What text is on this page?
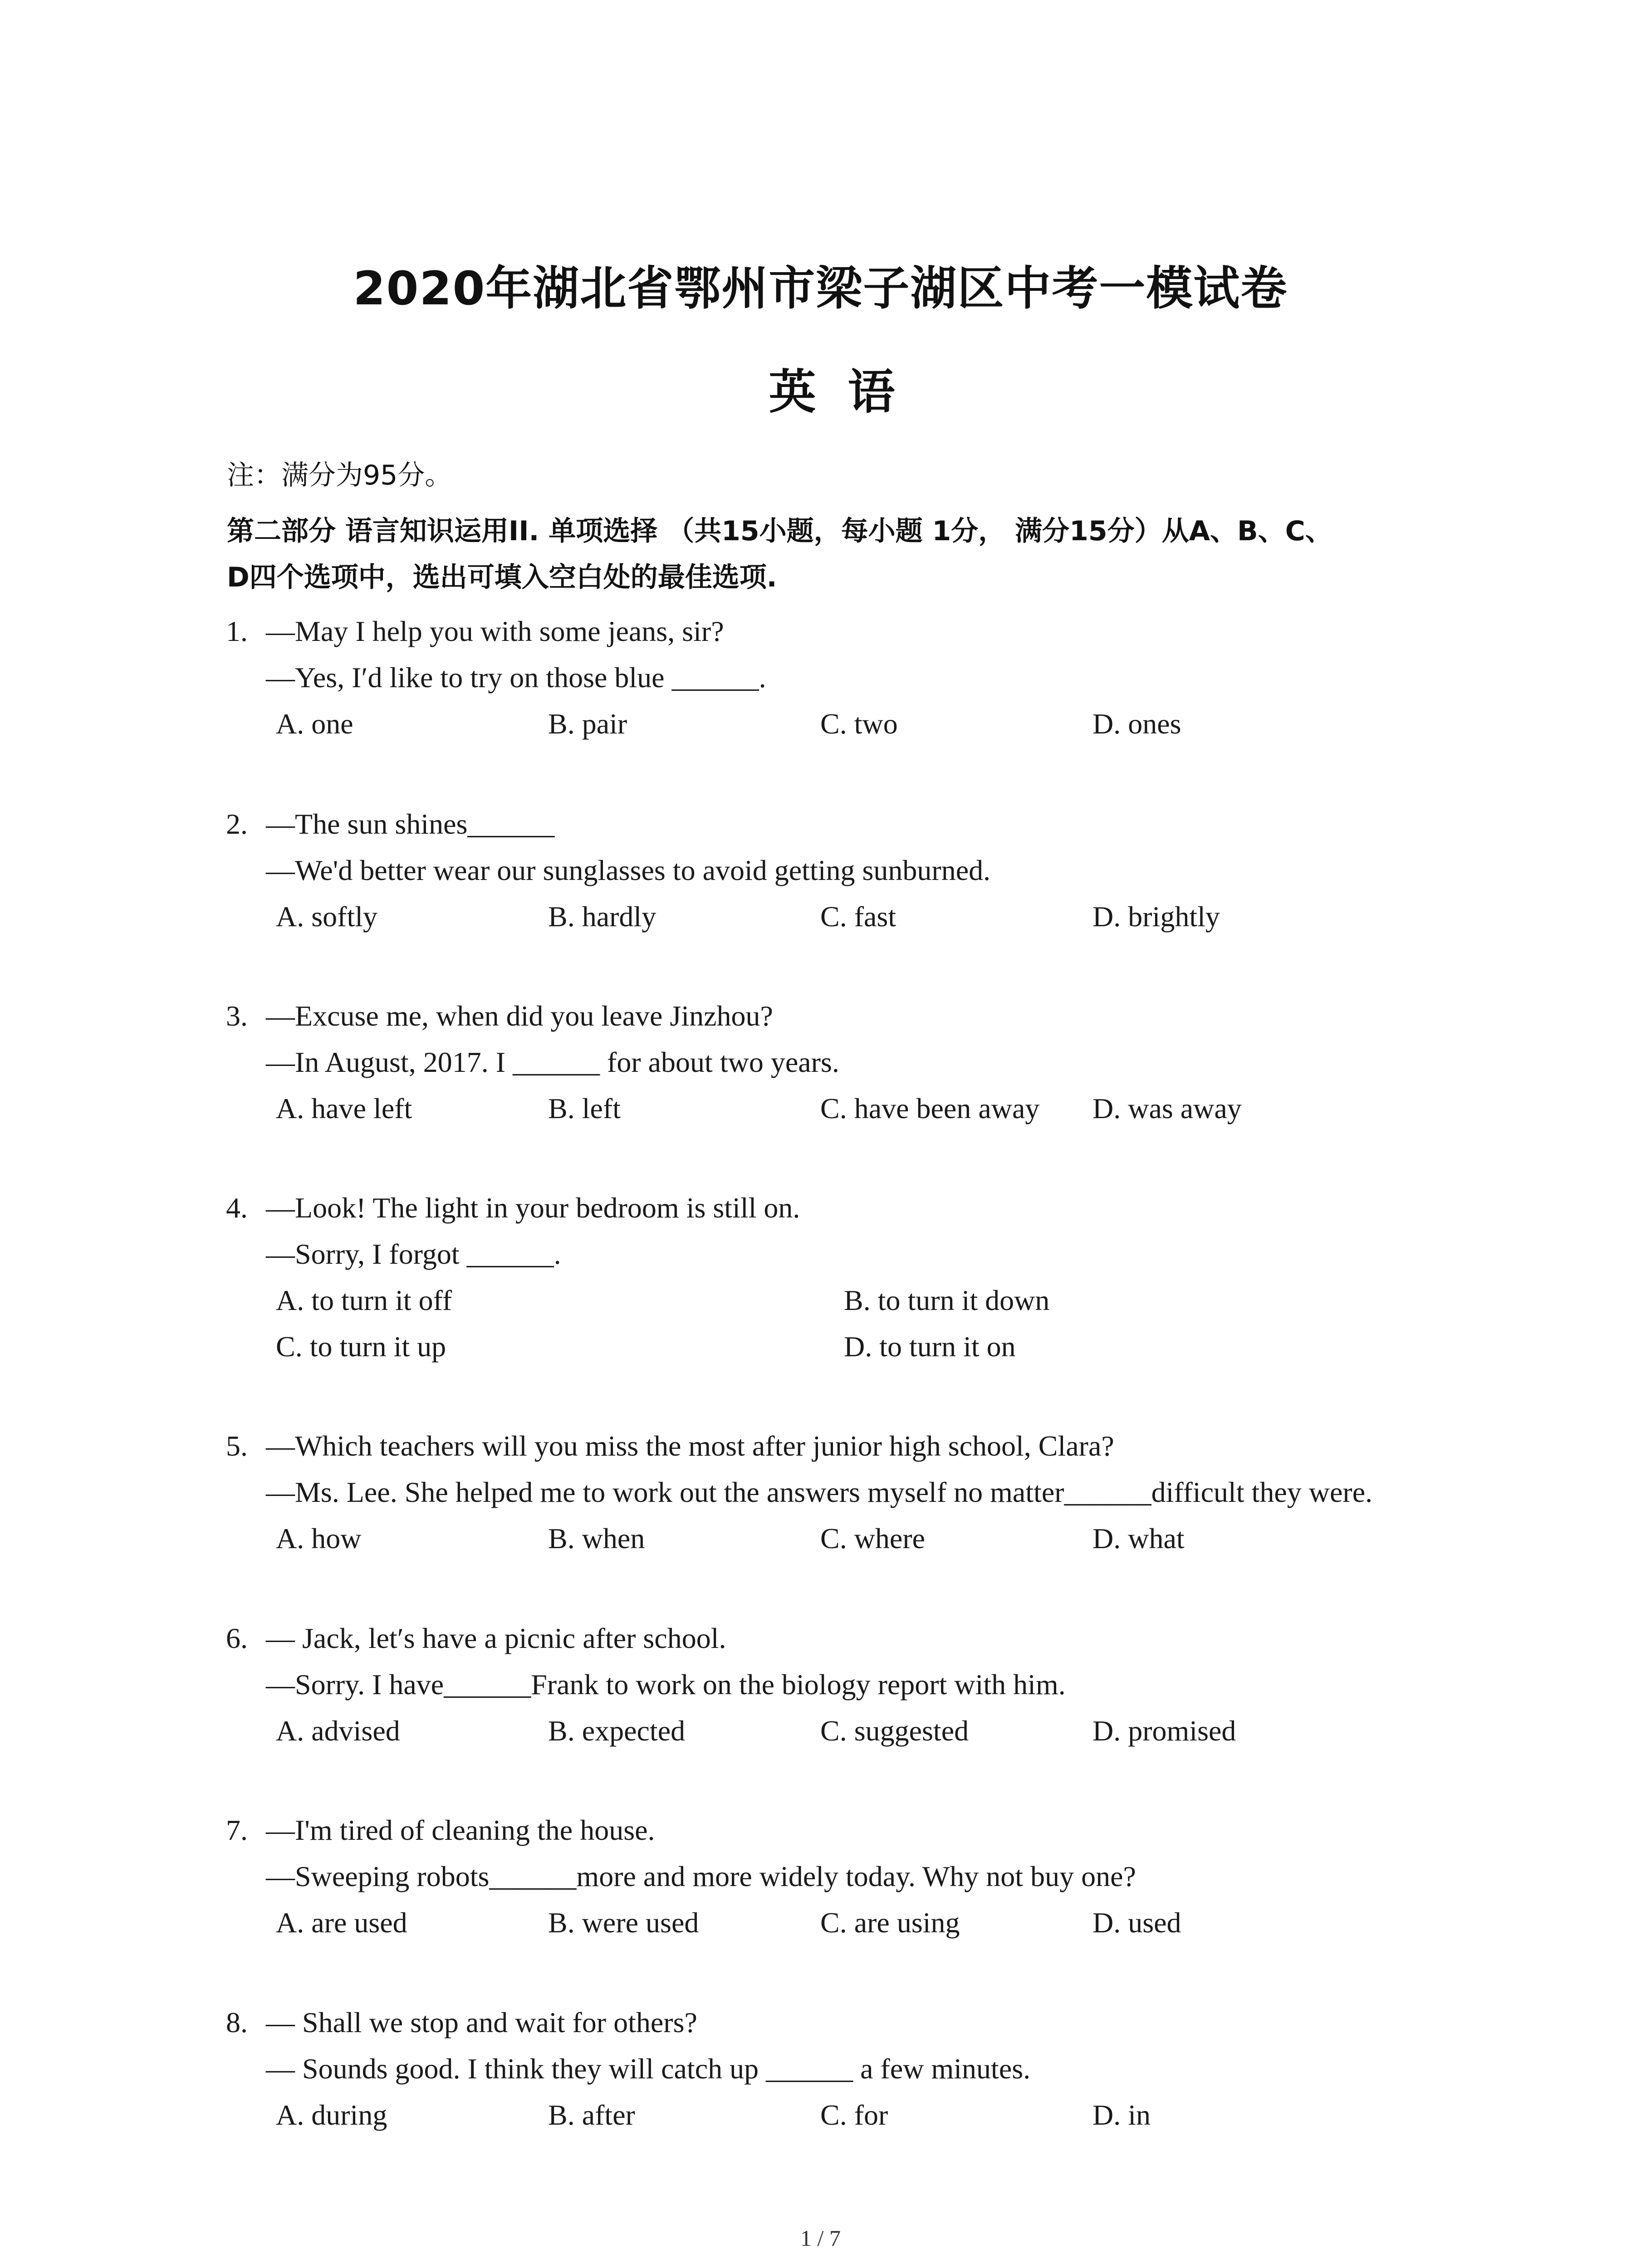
2020年湖北省鄂州市梁子湖区中考一模试卷
英语
注：满分为95分。
第二部分 语言知识运用II. 单项选择 （共15小题，每小题 1分， 满分15分）从A、B、C、
D四个选项中，选出可填入空白处的最佳选项.
1. —May I help you with some jeans, sir?
—Yes, I′d like to try on those blue ______.
A. one	B. pair	C. two	D. ones
2. —The sun shines______
—We'd better wear our sunglasses to avoid getting sunburned.
A. softly	B. hardly	C. fast	D. brightly
3. —Excuse me, when did you leave Jinzhou?
—In August, 2017. I ______ for about two years.
A. have left	B. left	C. have been away D. was away
4. —Look! The light in your bedroom is still on.
—Sorry, I forgot ______.
A. to turn it off	B. to turn it down
C. to turn it up	D. to turn it on
5. —Which teachers will you miss the most after junior high school, Clara?
—Ms. Lee. She helped me to work out the answers myself no matter______difficult they were.
A. how	B. when	C. where	D. what
6. — Jack, let′s have a picnic after school.
—Sorry. I have______Frank to work on the biology report with him.
A. advised	B. expected	C. suggested	D. promised
7. —I'm tired of cleaning the house.
—Sweeping robots______more and more widely today. Why not buy one?
A. are used	B. were used	C. are using	D. used
8. — Shall we stop and wait for others?
— Sounds good. I think they will catch up ______ a few minutes.
A. during	B. after	C. for	D. in
1 / 7
